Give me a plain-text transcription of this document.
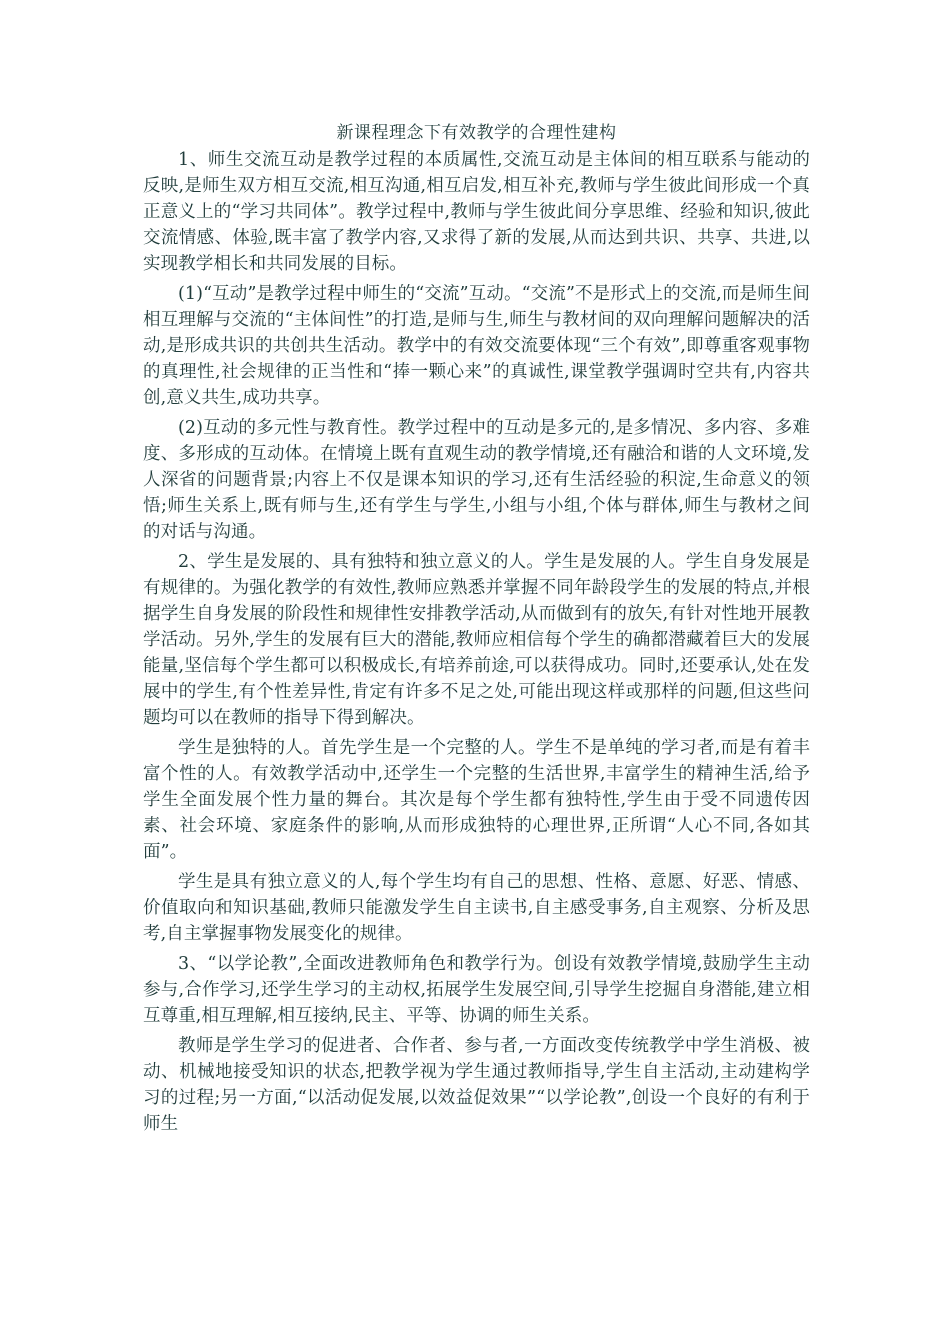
新课程理念下有效教学的合理性建构

1、师生交流互动是教学过程的本质属性,交流互动是主体间的相互联系与能动的反映,是师生双方相互交流,相互沟通,相互启发,相互补充,教师与学生彼此间形成一个真正意义上的“学习共同体”。教学过程中,教师与学生彼此间分享思维、经验和知识,彼此交流情感、体验,既丰富了教学内容,又求得了新的发展,从而达到共识、共享、共进,以实现教学相长和共同发展的目标。

(1)“互动”是教学过程中师生的“交流”互动。“交流”不是形式上的交流,而是师生间相互理解与交流的“主体间性”的打造,是师与生,师生与教材间的双向理解问题解决的活动,是形成共识的共创共生活动。教学中的有效交流要体现“三个有效”,即尊重客观事物的真理性,社会规律的正当性和“捧一颗心来”的真诚性,课堂教学强调时空共有,内容共创,意义共生,成功共享。

(2)互动的多元性与教育性。教学过程中的互动是多元的,是多情况、多内容、多难度、多形成的互动体。在情境上既有直观生动的教学情境,还有融洽和谐的人文环境,发人深省的问题背景;内容上不仅是课本知识的学习,还有生活经验的积淀,生命意义的领悟;师生关系上,既有师与生,还有学生与学生,小组与小组,个体与群体,师生与教材之间的对话与沟通。

2、学生是发展的、具有独特和独立意义的人。学生是发展的人。学生自身发展是有规律的。为强化教学的有效性,教师应熟悉并掌握不同年龄段学生的发展的特点,并根据学生自身发展的阶段性和规律性安排教学活动,从而做到有的放矢,有针对性地开展教学活动。另外,学生的发展有巨大的潜能,教师应相信每个学生的确都潜藏着巨大的发展能量,坚信每个学生都可以积极成长,有培养前途,可以获得成功。同时,还要承认,处在发展中的学生,有个性差异性,肯定有许多不足之处,可能出现这样或那样的问题,但这些问题均可以在教师的指导下得到解决。

学生是独特的人。首先学生是一个完整的人。学生不是单纯的学习者,而是有着丰富个性的人。有效教学活动中,还学生一个完整的生活世界,丰富学生的精神生活,给予学生全面发展个性力量的舞台。其次是每个学生都有独特性,学生由于受不同遗传因素、社会环境、家庭条件的影响,从而形成独特的心理世界,正所谓“人心不同,各如其面”。

学生是具有独立意义的人,每个学生均有自己的思想、性格、意愿、好恶、情感、价值取向和知识基础,教师只能激发学生自主读书,自主感受事务,自主观察、分析及思考,自主掌握事物发展变化的规律。

3、“以学论教”,全面改进教师角色和教学行为。创设有效教学情境,鼓励学生主动参与,合作学习,还学生学习的主动权,拓展学生发展空间,引导学生挖掘自身潜能,建立相互尊重,相互理解,相互接纳,民主、平等、协调的师生关系。

教师是学生学习的促进者、合作者、参与者,一方面改变传统教学中学生消极、被动、机械地接受知识的状态,把教学视为学生通过教师指导,学生自主活动,主动建构学习的过程;另一方面,“以活动促发展,以效益促效果”“以学论教”,创设一个良好的有利于师生
